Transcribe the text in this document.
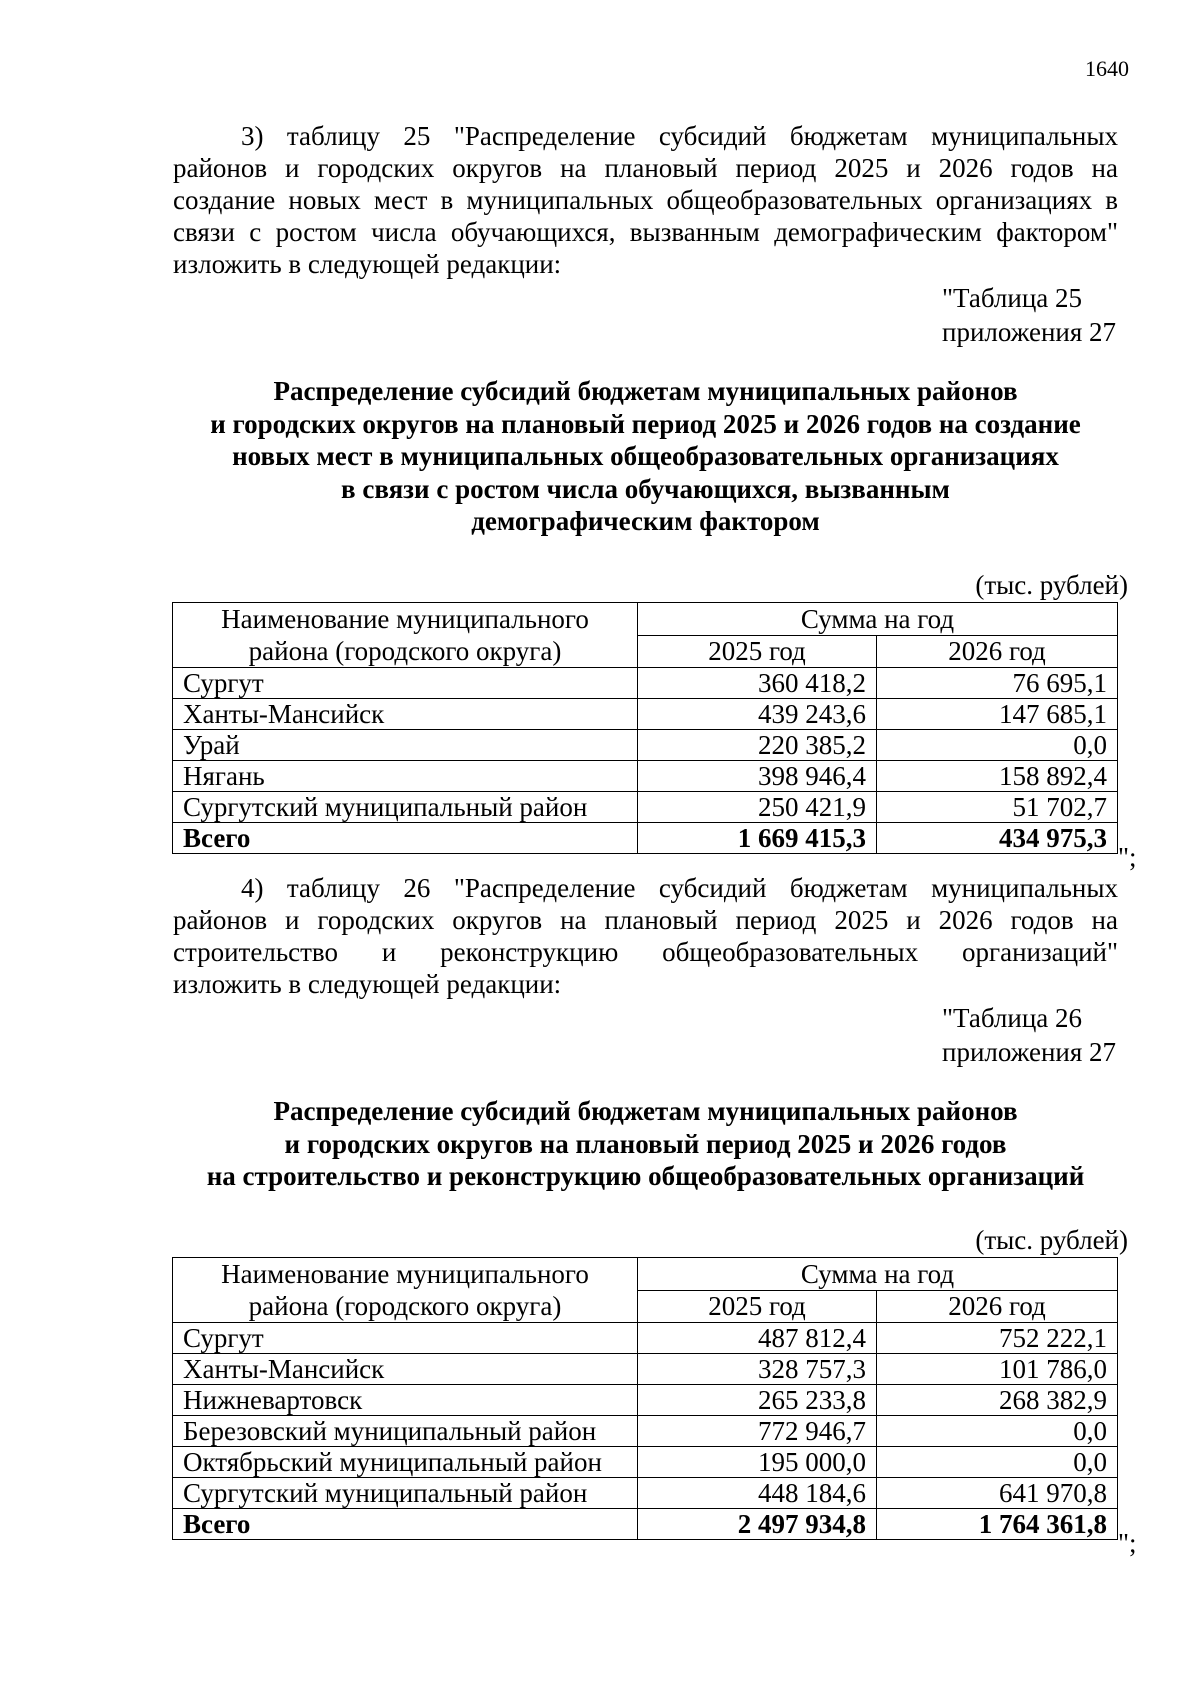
1640
3) таблицу 25 "Распределение субсидий бюджетам муниципальных
районов и городских округов на плановый период 2025 и 2026 годов на
создание новых мест в муниципальных общеобразовательных организациях в
связи с ростом числа обучающихся, вызванным демографическим фактором"
изложить в следующей редакции:
"Таблица 25
приложения 27
Распределение субсидий бюджетам муниципальных районов
и городских округов на плановый период 2025 и 2026 годов на создание
новых мест в муниципальных общеобразовательных организациях
в связи с ростом числа обучающихся, вызванным
демографическим фактором
(тыс. рублей)
Наименование муниципального
района (городского округа)	Сумма на год	
	2025 год	2026 год
Сургут	360 418,2	76 695,1
Ханты-Мансийск	439 243,6	147 685,1
Урай	220 385,2	0,0
Нягань	398 946,4	158 892,4
Сургутский муниципальный район	250 421,9	51 702,7
Всего	1 669 415,3	434 975,3
";
4) таблицу 26 "Распределение субсидий бюджетам муниципальных
районов и городских округов на плановый период 2025 и 2026 годов на
строительство и реконструкцию общеобразовательных организаций"
изложить в следующей редакции:
"Таблица 26
приложения 27
Распределение субсидий бюджетам муниципальных районов
и городских округов на плановый период 2025 и 2026 годов
на строительство и реконструкцию общеобразовательных организаций
(тыс. рублей)
Наименование муниципального
района (городского округа)	Сумма на год	
	2025 год	2026 год
Сургут	487 812,4	752 222,1
Ханты-Мансийск	328 757,3	101 786,0
Нижневартовск	265 233,8	268 382,9
Березовский муниципальный район	772 946,7	0,0
Октябрьский муниципальный район	195 000,0	0,0
Сургутский муниципальный район	448 184,6	641 970,8
Всего	2 497 934,8	1 764 361,8
";
